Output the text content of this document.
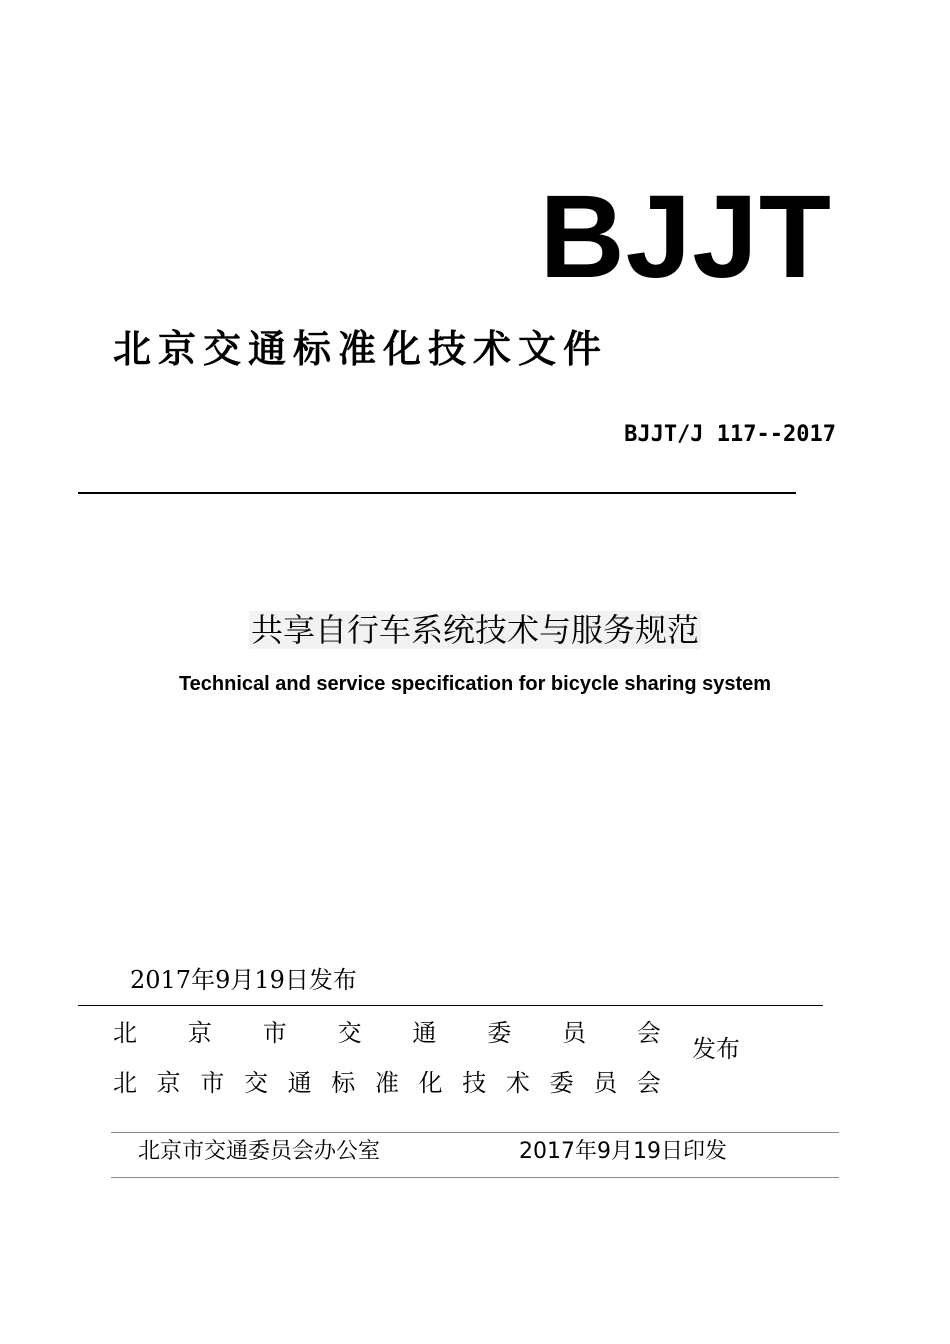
BJJT
北京交通标准化技术文件
BJJT/J 117--2017
共享自行车系统技术与服务规范
Technical and service specification for bicycle sharing system
2017年9月19日发布
北 京 市 交 通 委 员 会
北 京 市 交 通 标 准 化 技 术 委 员 会
发布
北京市交通委员会办公室	2017年9月19日印发
